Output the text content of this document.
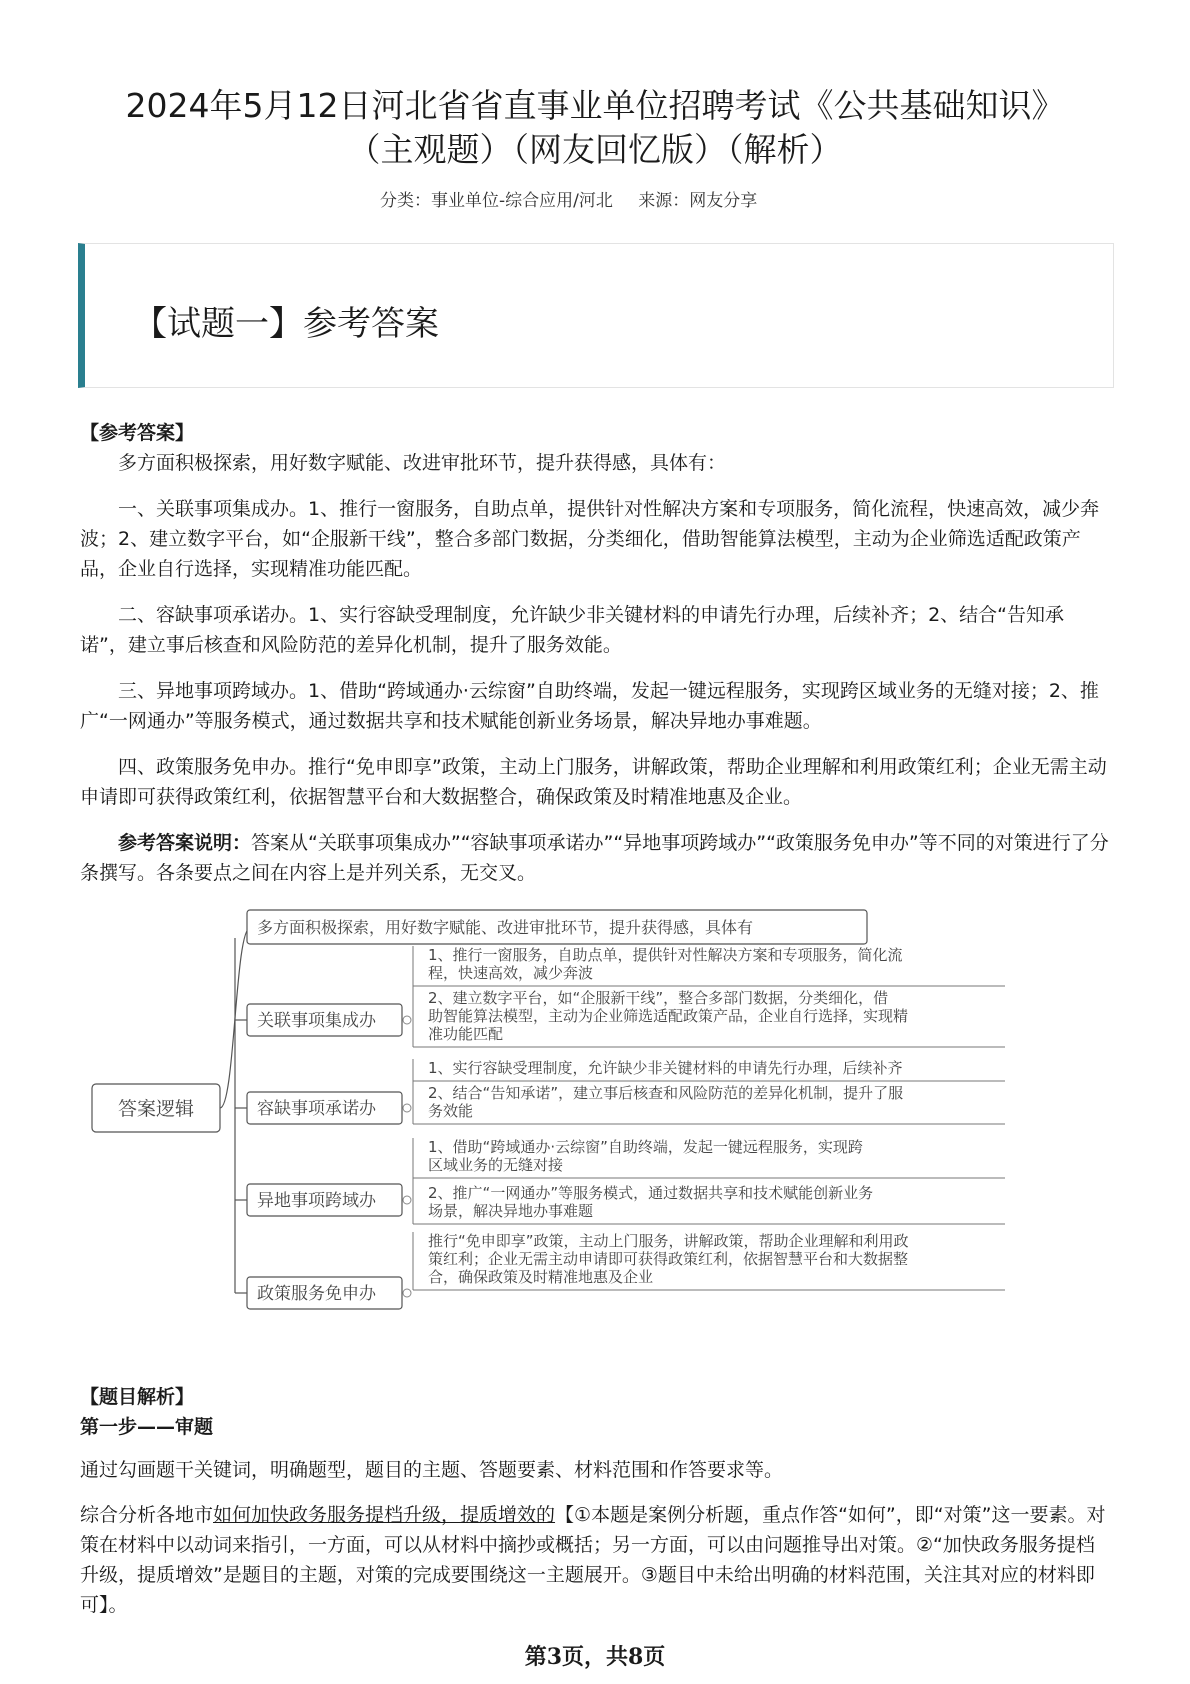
2024年5月12日河北省省直事业单位招聘考试《公共基础知识》
（主观题）（网友回忆版）（解析）
分类：事业单位-综合应用/河北 来源：网友分享
【试题一】参考答案

【参考答案】

多方面积极探索，用好数字赋能、改进审批环节，提升获得感，具体有：

一、关联事项集成办。1、推行一窗服务，自助点单，提供针对性解决方案和专项服务，简化流程，快速高效，减少奔波；2、建立数字平台，如“企服新干线”，整合多部门数据，分类细化，借助智能算法模型，主动为企业筛选适配政策产品，企业自行选择，实现精准功能匹配。

二、容缺事项承诺办。1、实行容缺受理制度，允许缺少非关键材料的申请先行办理，后续补齐；2、结合“告知承诺”，建立事后核查和风险防范的差异化机制，提升了服务效能。

三、异地事项跨域办。1、借助“跨域通办·云综窗”自助终端，发起一键远程服务，实现跨区域业务的无缝对接；2、推广“一网通办”等服务模式，通过数据共享和技术赋能创新业务场景，解决异地办事难题。

四、政策服务免申办。推行“免申即享”政策，主动上门服务，讲解政策，帮助企业理解和利用政策红利；企业无需主动申请即可获得政策红利，依据智慧平台和大数据整合，确保政策及时精准地惠及企业。

参考答案说明：答案从“关联事项集成办”“容缺事项承诺办”“异地事项跨域办”“政策服务免申办”等不同的对策进行了分条撰写。各条要点之间在内容上是并列关系，无交叉。

答案逻辑
多方面积极探索，用好数字赋能、改进审批环节，提升获得感，具体有
关联事项集成办
1、推行一窗服务，自助点单，提供针对性解决方案和专项服务，简化流
程，快速高效，减少奔波
2、建立数字平台，如“企服新干线”，整合多部门数据，分类细化，借
助智能算法模型，主动为企业筛选适配政策产品，企业自行选择，实现精
准功能匹配
容缺事项承诺办
1、实行容缺受理制度，允许缺少非关键材料的申请先行办理，后续补齐
2、结合“告知承诺”，建立事后核查和风险防范的差异化机制，提升了服
务效能
异地事项跨域办
1、借助“跨域通办·云综窗”自助终端，发起一键远程服务，实现跨
区域业务的无缝对接
2、推广“一网通办”等服务模式，通过数据共享和技术赋能创新业务
场景，解决异地办事难题
政策服务免申办
推行“免申即享”政策，主动上门服务，讲解政策，帮助企业理解和利用政
策红利；企业无需主动申请即可获得政策红利，依据智慧平台和大数据整
合，确保政策及时精准地惠及企业

【题目解析】

第一步——审题

通过勾画题干关键词，明确题型，题目的主题、答题要素、材料范围和作答要求等。

综合分析各地市如何加快政务服务提档升级，提质增效的【①本题是案例分析题，重点作答“如何”，即“对策”这一要素。对策在材料中以动词来指引，一方面，可以从材料中摘抄或概括；另一方面，可以由问题推导出对策。②“加快政务服务提档升级，提质增效”是题目的主题，对策的完成要围绕这一主题展开。③题目中未给出明确的材料范围，关注其对应的材料即可】。

第3页，共8页
